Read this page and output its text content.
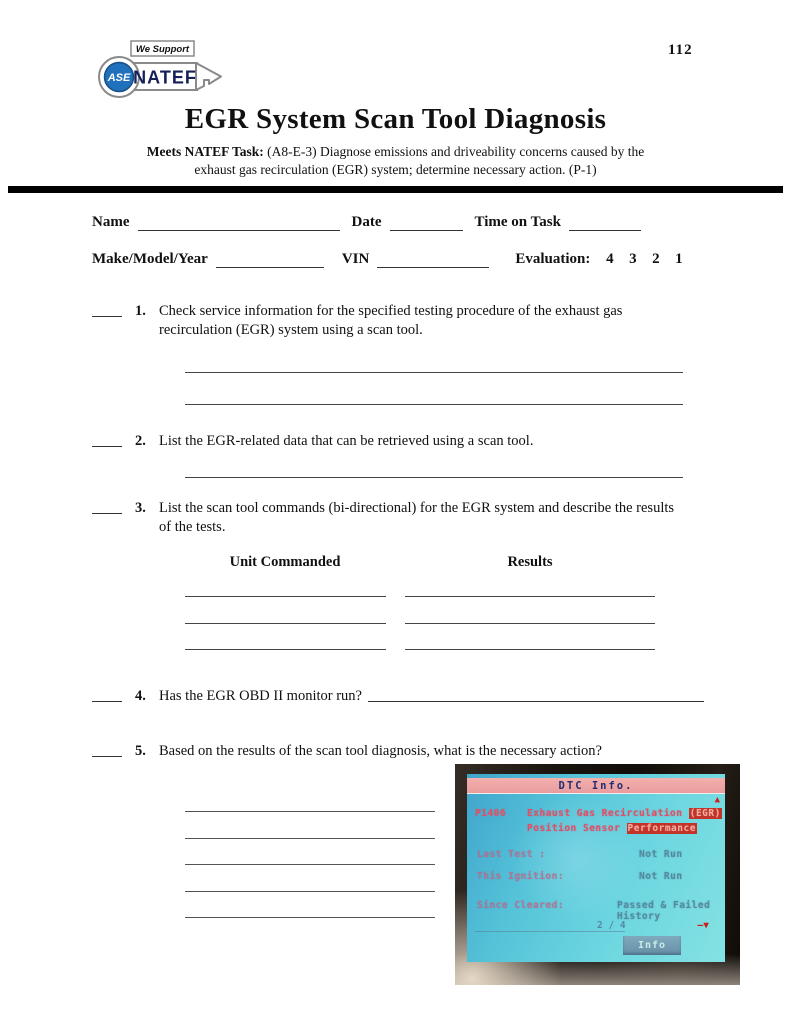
112
We Support
ASE NATEF
EGR System Scan Tool Diagnosis
Meets NATEF Task: (A8-E-3) Diagnose emissions and driveability concerns caused by the
exhaust gas recirculation (EGR) system; determine necessary action. (P-1)
Name	Date	Time on Task
Make/Model/Year	VIN	Evaluation:	4	3	2	1
1. Check service information for the specified testing procedure of the exhaust gas recirculation (EGR) system using a scan tool.
2. List the EGR-related data that can be retrieved using a scan tool.
3. List the scan tool commands (bi-directional) for the EGR system and describe the results of the tests.
Unit Commanded	Results
4. Has the EGR OBD II monitor run?
5. Based on the results of the scan tool diagnosis, what is the necessary action?
DTC Info.
▲
P1406	Exhaust Gas Recirculation (EGR)
Position Sensor Performance
Last Test :	Not Run
This Ignition:	Not Run
Since Cleared:	Passed & Failed
History
2 / 4	—▼
Info
